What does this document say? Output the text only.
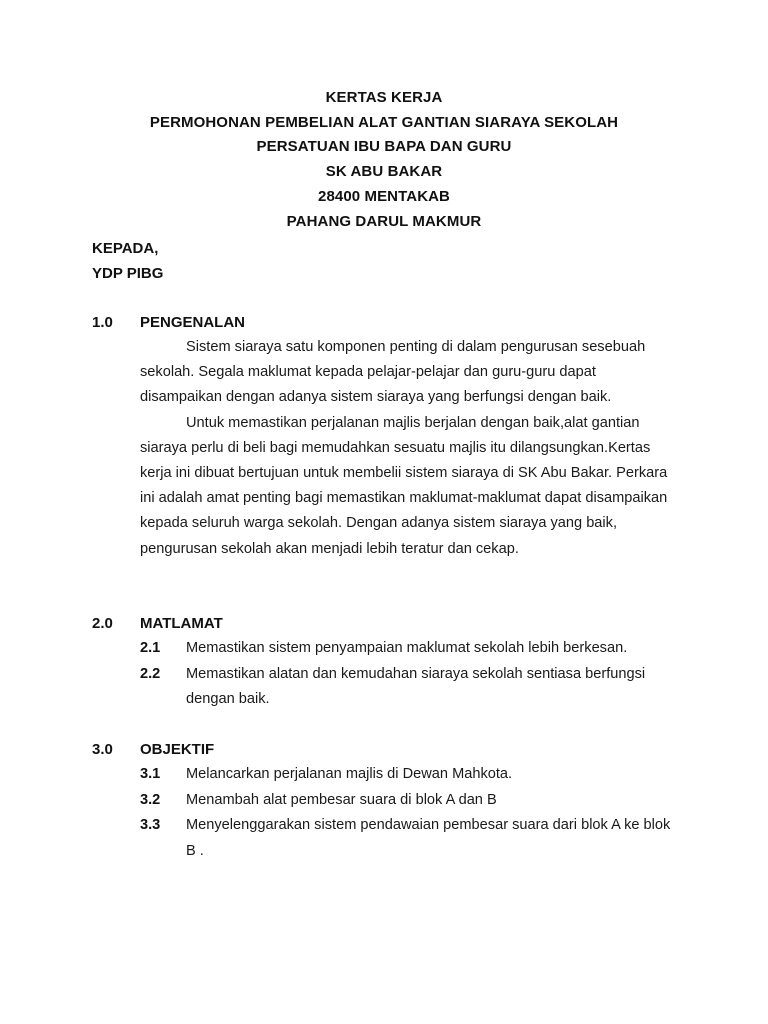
KERTAS KERJA
PERMOHONAN PEMBELIAN ALAT GANTIAN SIARAYA SEKOLAH
PERSATUAN IBU BAPA DAN GURU
SK ABU BAKAR
28400 MENTAKAB
PAHANG DARUL MAKMUR
KEPADA,
YDP PIBG
1.0 PENGENALAN

Sistem siaraya satu komponen penting di dalam pengurusan sesebuah sekolah. Segala maklumat kepada pelajar-pelajar dan guru-guru dapat disampaikan dengan adanya sistem siaraya yang berfungsi dengan baik.

Untuk memastikan perjalanan majlis berjalan dengan baik,alat gantian siaraya perlu di beli bagi memudahkan sesuatu majlis itu dilangsungkan.Kertas kerja ini dibuat bertujuan untuk membelii sistem siaraya di SK Abu Bakar. Perkara ini adalah amat penting bagi memastikan maklumat-maklumat dapat disampaikan kepada seluruh warga sekolah. Dengan adanya sistem siaraya yang baik, pengurusan sekolah akan menjadi lebih teratur dan cekap.

2.0 MATLAMAT
2.1 Memastikan sistem penyampaian maklumat sekolah lebih berkesan.
2.2 Memastikan alatan dan kemudahan siaraya sekolah sentiasa berfungsi dengan baik.
3.0 OBJEKTIF
3.1 Melancarkan perjalanan majlis di Dewan Mahkota.
3.2 Menambah alat pembesar suara di blok A dan B
3.3 Menyelenggarakan sistem pendawaian pembesar suara dari blok A ke blok B .
